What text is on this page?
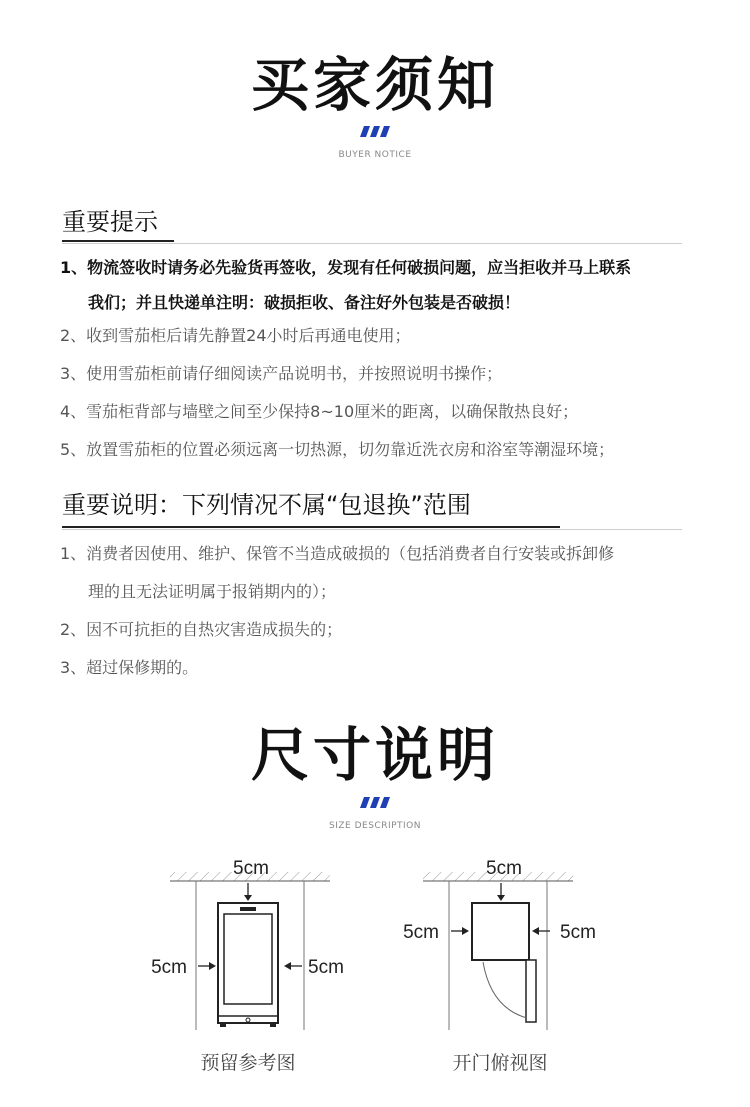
买家须知
BUYER NOTICE
重要提示
1、物流签收时请务必先验货再签收，发现有任何破损问题，应当拒收并马上联系
我们；并且快递单注明：破损拒收、备注好外包装是否破损！
2、收到雪茄柜后请先静置24小时后再通电使用；
3、使用雪茄柜前请仔细阅读产品说明书，并按照说明书操作；
4、雪茄柜背部与墙壁之间至少保持8~10厘米的距离，以确保散热良好；
5、放置雪茄柜的位置必须远离一切热源，切勿靠近洗衣房和浴室等潮湿环境；
重要说明：下列情况不属“包退换”范围
1、消费者因使用、维护、保管不当造成破损的（包括消费者自行安装或拆卸修
理的且无法证明属于报销期内的）；
2、因不可抗拒的自热灾害造成损失的；
3、超过保修期的。
尺寸说明
SIZE DESCRIPTION
5cm
5cm	5cm
预留参考图
5cm
5cm	5cm
开门俯视图
